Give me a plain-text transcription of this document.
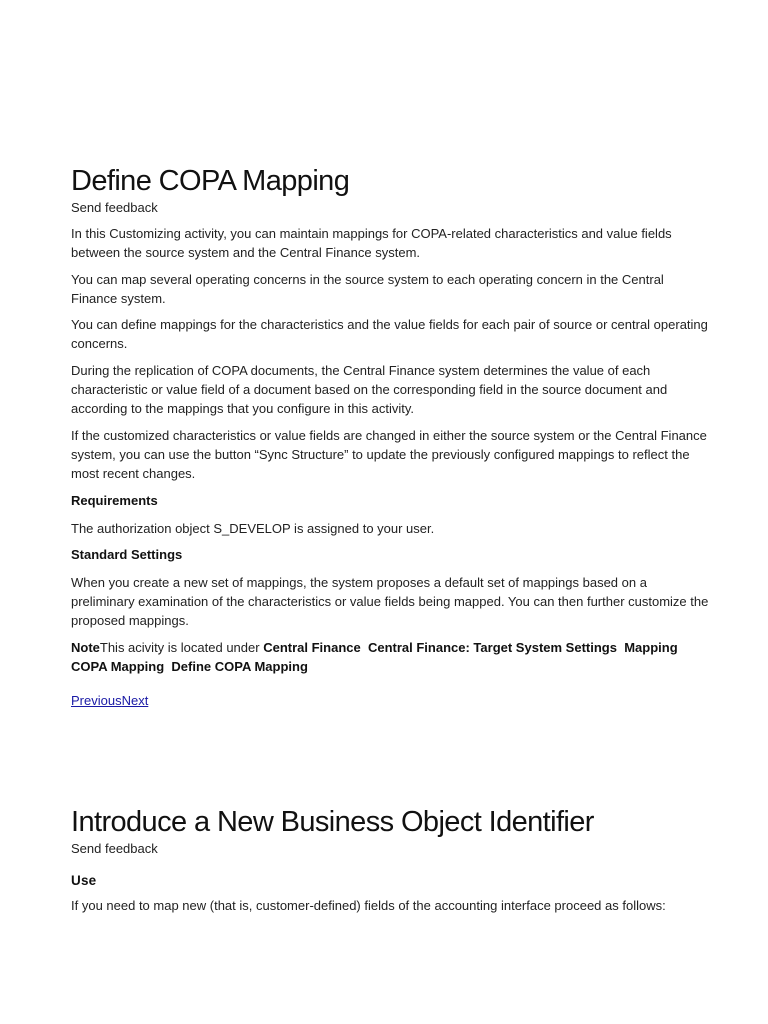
Define COPA Mapping
Send feedback

In this Customizing activity, you can maintain mappings for COPA-related characteristics and value fields between the source system and the Central Finance system.

You can map several operating concerns in the source system to each operating concern in the Central Finance system.

You can define mappings for the characteristics and the value fields for each pair of source or central operating concerns.

During the replication of COPA documents, the Central Finance system determines the value of each characteristic or value field of a document based on the corresponding field in the source document and according to the mappings that you configure in this activity.

If the customized characteristics or value fields are changed in either the source system or the Central Finance system, you can use the button “Sync Structure” to update the previously configured mappings to reflect the most recent changes.

Requirements

The authorization object S_DEVELOP is assigned to your user.

Standard Settings

When you create a new set of mappings, the system proposes a default set of mappings based on a preliminary examination of the characteristics or value fields being mapped. You can then further customize the proposed mappings.

NoteThis acivity is located under Central Finance Central Finance: Target System Settings Mapping  COPA Mapping Define COPA Mapping

PreviousNext
Introduce a New Business Object Identifier
Send feedback
Use

If you need to map new (that is, customer-defined) fields of the accounting interface proceed as follows:
